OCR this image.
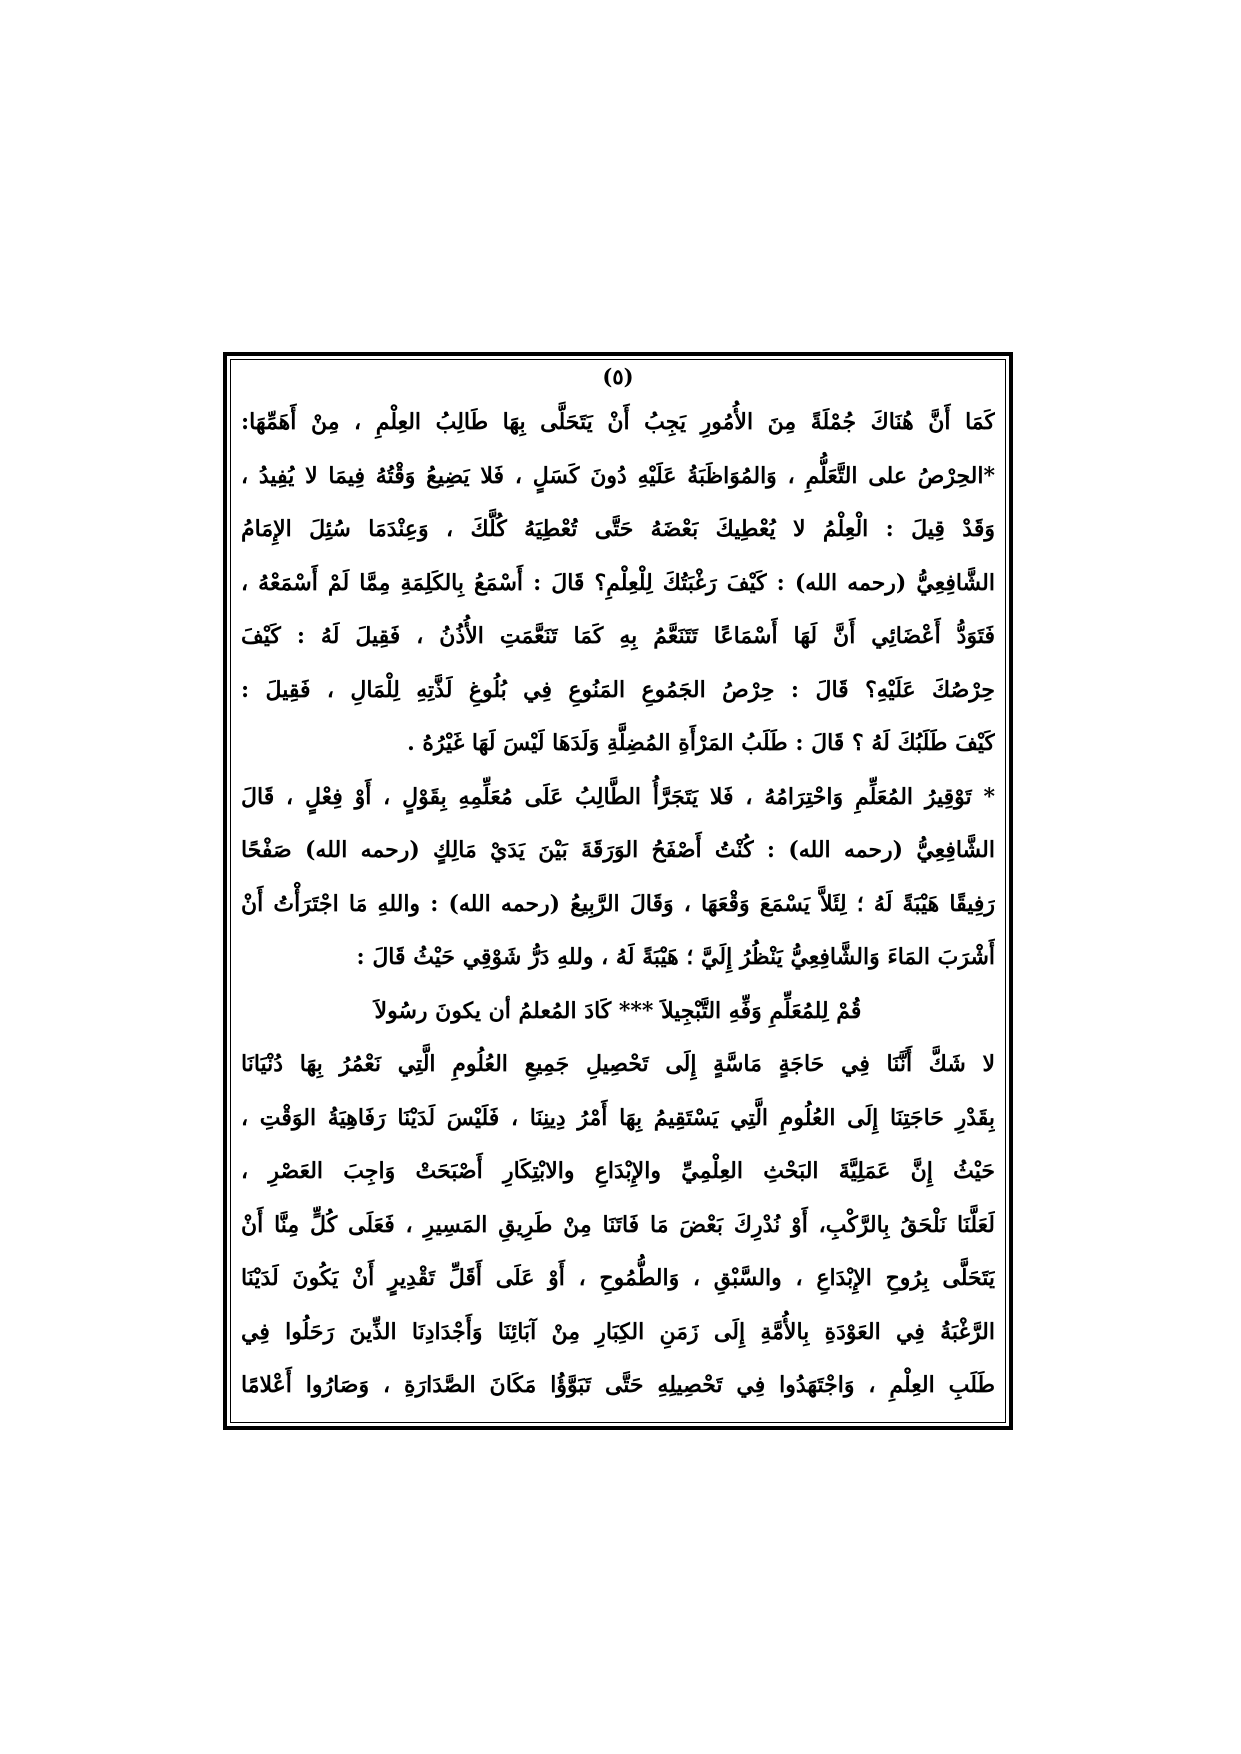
(٥)
كَمَا أَنَّ هُنَاكَ جُمْلَةً مِنَ الأُمُورِ يَجِبُ أَنْ يَتَحَلَّى بِهَا طَالِبُ العِلْمِ ، مِنْ أَهَمِّهَا:
*الحِرْصُ على التَّعَلُّمِ ، وَالمُوَاظَبَةُ عَلَيْهِ دُونَ كَسَلٍ ، فَلا يَضِيعُ وَقْتُهُ فِيمَا لا يُفِيدُ ،
وَقَدْ قِيلَ : الْعِلْمُ لا يُعْطِيكَ بَعْضَهُ حَتَّى تُعْطِيَهُ كُلَّكَ ، وَعِنْدَمَا سُئِلَ الإِمَامُ
الشَّافِعِيُّ (رحمه الله) : كَيْفَ رَغْبَتُكَ لِلْعِلْمِ؟ قَالَ : أَسْمَعُ بِالكَلِمَةِ مِمَّا لَمْ أَسْمَعْهُ ،
فَتَوَدُّ أَعْضَائِي أَنَّ لَهَا أَسْمَاعًا تَتَنَعَّمُ بِهِ كَمَا تَنَعَّمَتِ الأُذُنُ ، فَقِيلَ لَهُ : كَيْفَ
حِرْصُكَ عَلَيْهِ؟ قَالَ : حِرْصُ الجَمُوعِ المَنُوعِ فِي بُلُوغِ لَذَّتِهِ لِلْمَالِ ، فَقِيلَ :
كَيْفَ طَلَبُكَ لَهُ ؟ قَالَ : طَلَبُ المَرْأَةِ المُضِلَّةِ وَلَدَهَا لَيْسَ لَهَا غَيْرُهُ .
* تَوْقِيرُ المُعَلِّمِ وَاحْتِرَامُهُ ، فَلا يَتَجَرَّأُ الطَّالِبُ عَلَى مُعَلِّمِهِ بِقَوْلٍ ، أَوْ فِعْلٍ ، قَالَ
الشَّافِعِيُّ (رحمه الله) : كُنْتُ أَصْفَحُ الوَرَقَةَ بَيْنَ يَدَيْ مَالِكٍ (رحمه الله) صَفْحًا
رَفِيقًا هَيْبَةً لَهُ ؛ لِئَلاَّ يَسْمَعَ وَقْعَهَا ، وَقَالَ الرَّبِيعُ (رحمه الله) : واللهِ مَا اجْتَرَأْتُ أَنْ
أَشْرَبَ المَاءَ وَالشَّافِعِيُّ يَنْظُرُ إِلَيَّ ؛ هَيْبَةً لَهُ ، وللهِ دَرُّ شَوْقِي حَيْثُ قَالَ :
قُمْ لِلمُعَلِّمِ وَفِّهِ التَّبْجِيلاَ *** كَادَ المُعلمُ أن يكونَ رسُولاَ
لا شَكَّ أَنَّنَا فِي حَاجَةٍ مَاسَّةٍ إِلَى تَحْصِيلِ جَمِيعِ العُلُومِ الَّتِي نَعْمُرُ بِهَا دُنْيَانَا
بِقَدْرِ حَاجَتِنَا إِلَى العُلُومِ الَّتِي يَسْتَقِيمُ بِهَا أَمْرُ دِينِنَا ، فَلَيْسَ لَدَيْنَا رَفَاهِيَةُ الوَقْتِ ،
حَيْثُ إِنَّ عَمَلِيَّةَ البَحْثِ العِلْمِيِّ والإِبْدَاعِ والابْتِكَارِ أَصْبَحَتْ وَاجِبَ العَصْرِ ،
لَعَلَّنَا نَلْحَقُ بِالرَّكْبِ، أَوْ نُدْرِكَ بَعْضَ مَا فَاتَنَا مِنْ طَرِيقِ المَسِيرِ ، فَعَلَى كُلٍّ مِنَّا أَنْ
يَتَحَلَّى بِرُوحِ الإِبْدَاعِ ، والسَّبْقِ ، وَالطُّمُوحِ ، أَوْ عَلَى أَقَلِّ تَقْدِيرٍ أَنْ يَكُونَ لَدَيْنَا
الرَّغْبَةُ فِي العَوْدَةِ بِالأُمَّةِ إِلَى زَمَنِ الكِبَارِ مِنْ آبَائِنَا وَأَجْدَادِنَا الذِّينَ رَحَلُوا فِي
طَلَبِ العِلْمِ ، وَاجْتَهَدُوا فِي تَحْصِيلِهِ حَتَّى تَبَوَّؤُا مَكَانَ الصَّدَارَةِ ، وَصَارُوا أَعْلامًا
